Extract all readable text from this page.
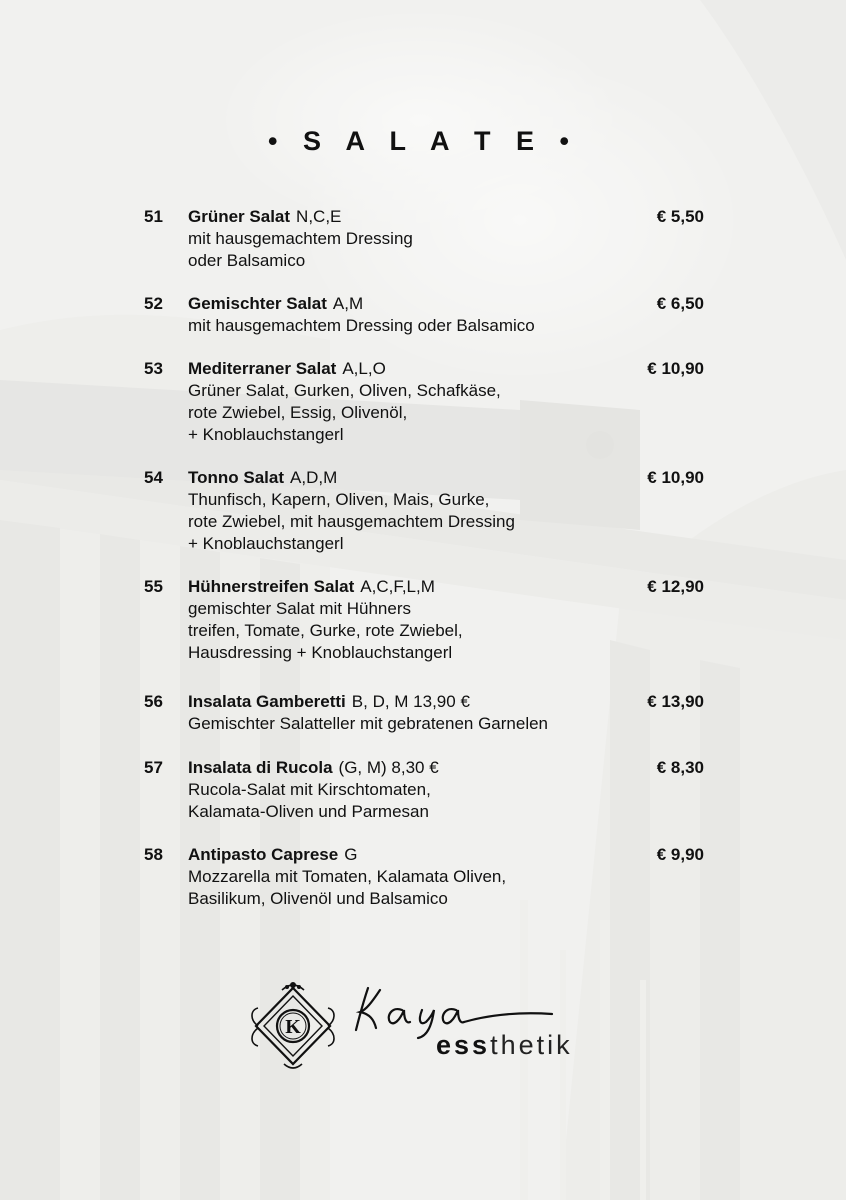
• S A L A T E •
51 Grüner Salat N,C,E	€ 5,50
mit hausgemachtem Dressing
oder Balsamico
52 Gemischter Salat A,M	€ 6,50
mit hausgemachtem Dressing oder Balsamico
53 Mediterraner Salat A,L,O	€ 10,90
Grüner Salat, Gurken, Oliven, Schafkäse,
rote Zwiebel, Essig, Olivenöl,
+ Knoblauchstangerl
54 Tonno Salat A,D,M	€ 10,90
Thunfisch, Kapern, Oliven, Mais, Gurke,
rote Zwiebel, mit hausgemachtem Dressing
+ Knoblauchstangerl
55 Hühnerstreifen Salat A,C,F,L,M	€ 12,90
gemischter Salat mit Hühners
treifen, Tomate, Gurke, rote Zwiebel,
Hausdressing + Knoblauchstangerl
56 Insalata Gamberetti B, D, M 13,90 €	€ 13,90
Gemischter Salatteller mit gebratenen Garnelen
57 Insalata di Rucola (G, M) 8,30 €	€ 8,30
Rucola-Salat mit Kirschtomaten,
Kalamata-Oliven und Parmesan
58 Antipasto Caprese G	€ 9,90
Mozzarella mit Tomaten, Kalamata Oliven,
Basilikum, Olivenöl und Balsamico
K
essthetik
